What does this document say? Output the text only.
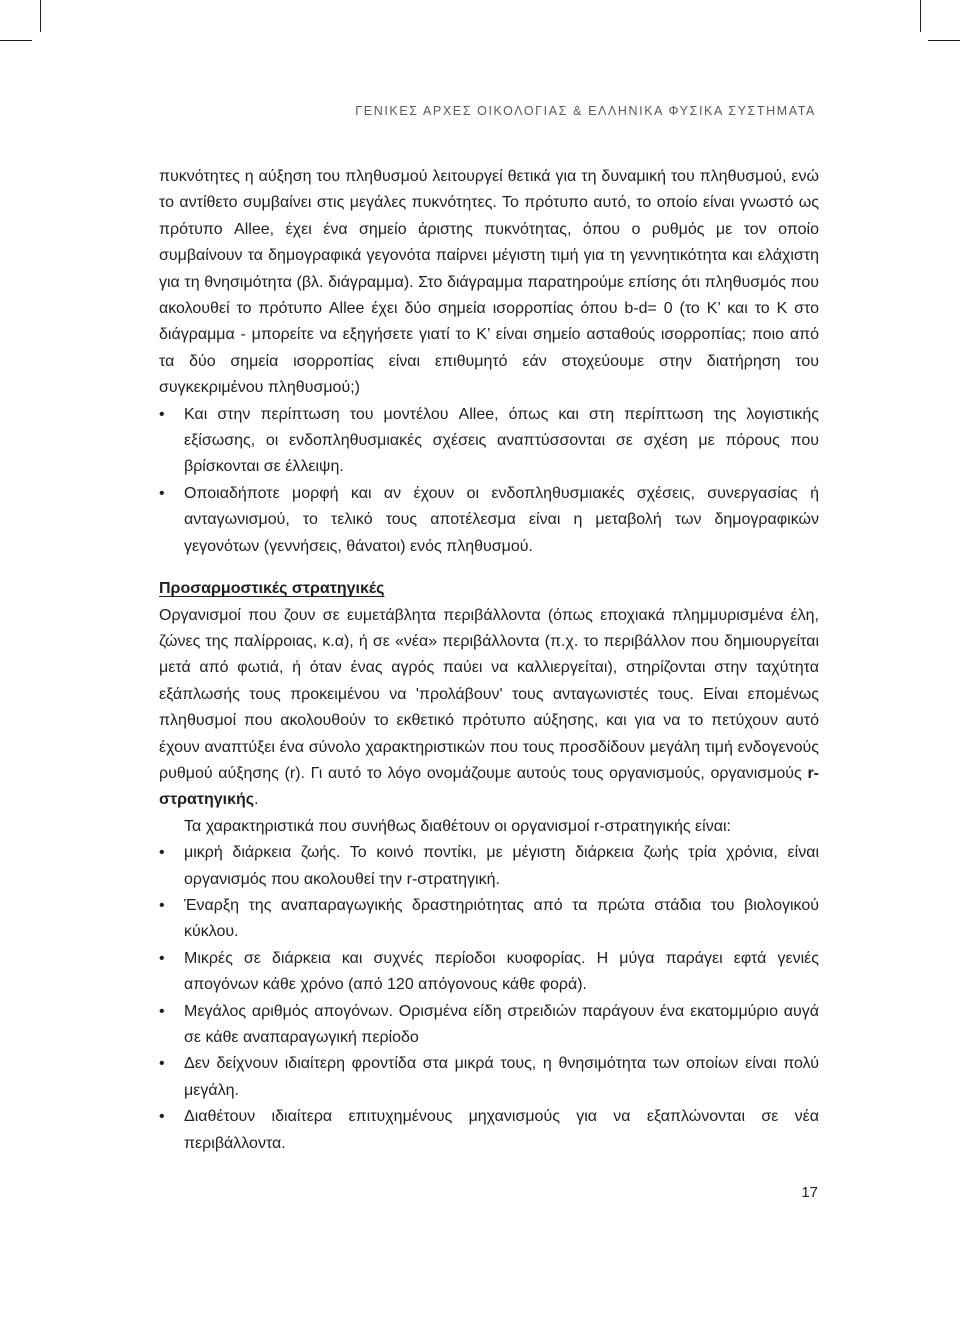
ΓΕΝΙΚΕΣ ΑΡΧΕΣ ΟΙΚΟΛΟΓΙΑΣ & ΕΛΛΗΝΙΚΑ ΦΥΣΙΚΑ ΣΥΣΤΗΜΑΤΑ

πυκνότητες η αύξηση του πληθυσμού λειτουργεί θετικά για τη δυναμική του πληθυσμού, ενώ το αντίθετο συμβαίνει στις μεγάλες πυκνότητες. Το πρότυπο αυτό, το οποίο είναι γνωστό ως πρότυπο Allee, έχει ένα σημείο άριστης πυκνότητας, όπου ο ρυθμός με τον οποίο συμβαίνουν τα δημογραφικά γεγονότα παίρνει μέγιστη τιμή για τη γεννητικότητα και ελάχιστη για τη θνησιμότητα (βλ. διάγραμμα). Στο διάγραμμα παρατηρούμε επίσης ότι πληθυσμός που ακολουθεί το πρότυπο Allee έχει δύο σημεία ισορροπίας όπου b-d= 0 (το K’ και το K στο διάγραμμα - μπορείτε να εξηγήσετε γιατί το K’ είναι σημείο ασταθούς ισορροπίας; ποιο από τα δύο σημεία ισορροπίας είναι επιθυμητό εάν στοχεύουμε στην διατήρηση του συγκεκριμένου πληθυσμού;)

• Και στην περίπτωση του μοντέλου Allee, όπως και στη περίπτωση της λογιστικής εξίσωσης, οι ενδοπληθυσμιακές σχέσεις αναπτύσσονται σε σχέση με πόρους που βρίσκονται σε έλλειψη.
• Οποιαδήποτε μορφή και αν έχουν οι ενδοπληθυσμιακές σχέσεις, συνεργασίας ή ανταγωνισμού, το τελικό τους αποτέλεσμα είναι η μεταβολή των δημογραφικών γεγονότων (γεννήσεις, θάνατοι) ενός πληθυσμού.

Προσαρμοστικές στρατηγικές

Οργανισμοί που ζουν σε ευμετάβλητα περιβάλλοντα (όπως εποχιακά πλημμυρισμένα έλη, ζώνες της παλίρροιας, κ.α), ή σε «νέα» περιβάλλοντα (π.χ. το περιβάλλον που δημιουργείται μετά από φωτιά, ή όταν ένας αγρός παύει να καλλιεργείται), στηρίζονται στην ταχύτητα εξάπλωσής τους προκειμένου να 'προλάβουν' τους ανταγωνιστές τους. Είναι επομένως πληθυσμοί που ακολουθούν το εκθετικό πρότυπο αύξησης, και για να το πετύχουν αυτό έχουν αναπτύξει ένα σύνολο χαρακτηριστικών που τους προσδίδουν μεγάλη τιμή ενδογενούς ρυθμού αύξησης (r). Γι αυτό το λόγο ονομάζουμε αυτούς τους οργανισμούς, οργανισμούς r-στρατηγικής.

Τα χαρακτηριστικά που συνήθως διαθέτουν οι οργανισμοί r-στρατηγικής είναι:

• μικρή διάρκεια ζωής. Το κοινό ποντίκι, με μέγιστη διάρκεια ζωής τρία χρόνια, είναι οργανισμός που ακολουθεί την r-στρατηγική.
• Έναρξη της αναπαραγωγικής δραστηριότητας από τα πρώτα στάδια του βιολογικού κύκλου.
• Μικρές σε διάρκεια και συχνές περίοδοι κυοφορίας. Η μύγα παράγει εφτά γενιές απογόνων κάθε χρόνο (από 120 απόγονους κάθε φορά).
• Μεγάλος αριθμός απογόνων. Ορισμένα είδη στρειδιών παράγουν ένα εκατομμύριο αυγά σε κάθε αναπαραγωγική περίοδο
• Δεν δείχνουν ιδιαίτερη φροντίδα στα μικρά τους, η θνησιμότητα των οποίων είναι πολύ μεγάλη.
• Διαθέτουν ιδιαίτερα επιτυχημένους μηχανισμούς για να εξαπλώνονται σε νέα περιβάλλοντα.
17
